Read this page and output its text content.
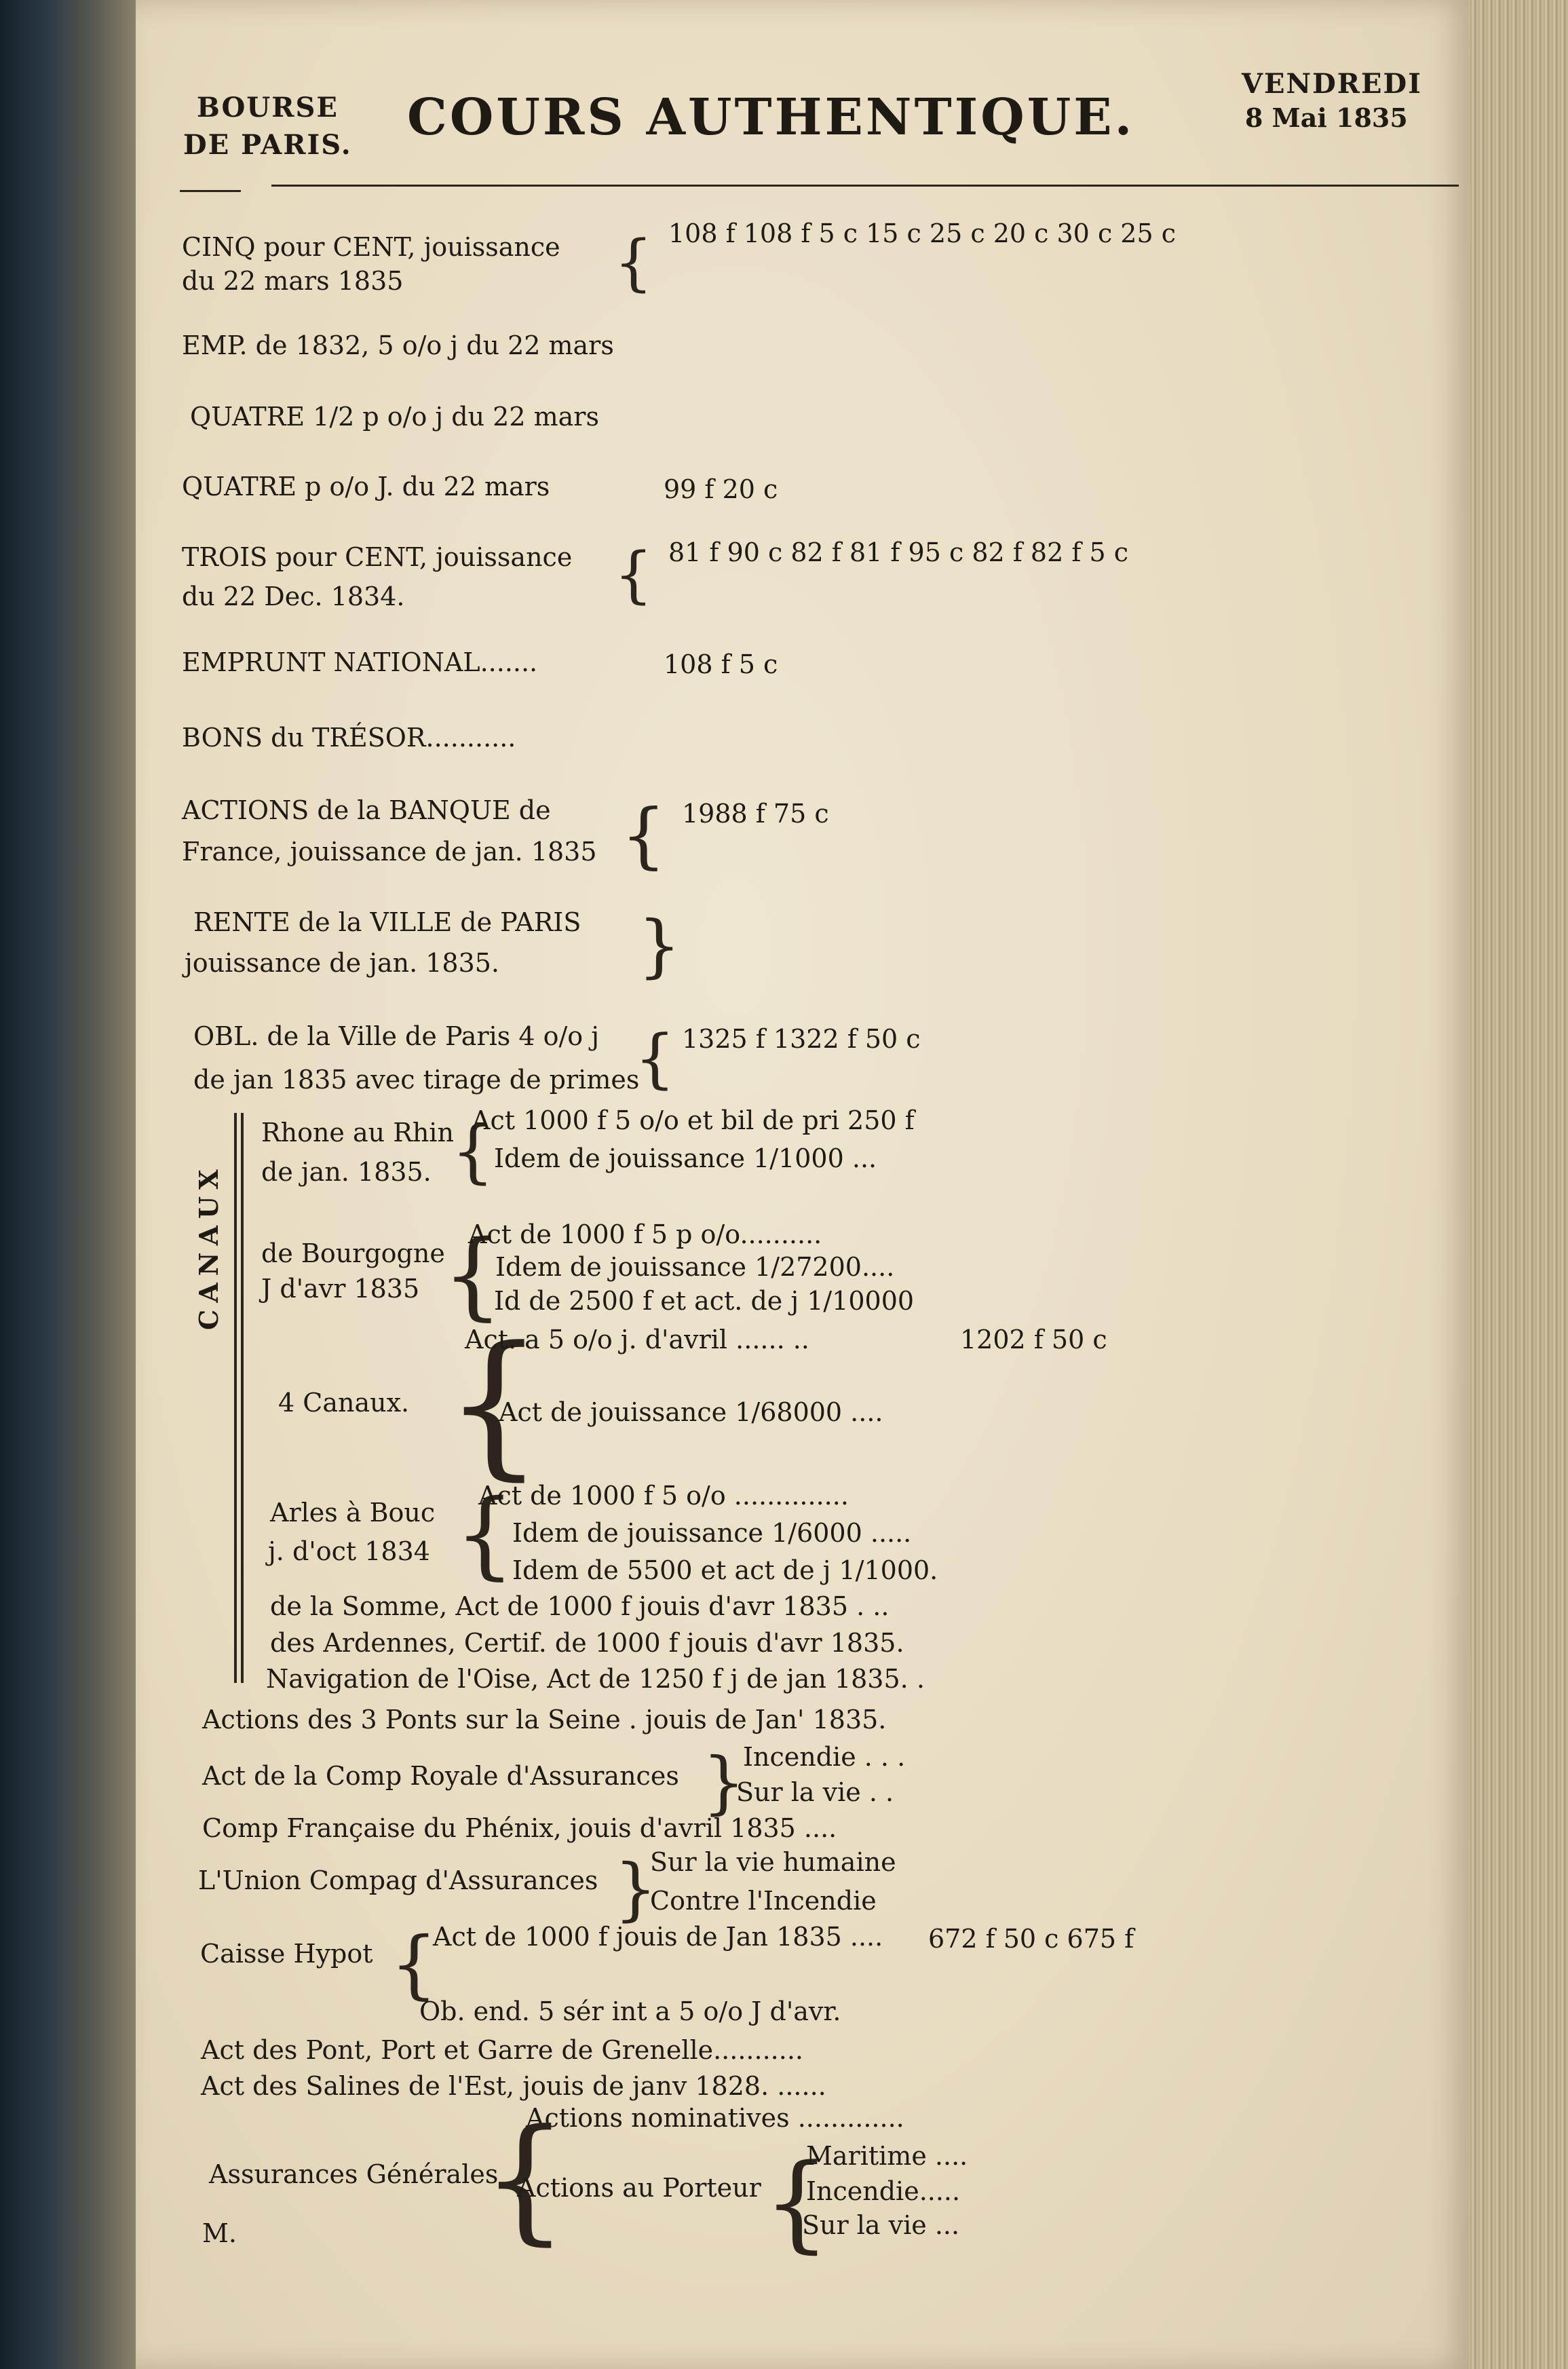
BOURSE
DE PARIS. COURS AUTHENTIQUE.
VENDREDI
8 Mai 1835
CINQ pour CENT, jouissance
du 22 mars 1835	{ 108 f 108 f 5 c 15 c 25 c 20 c 30 c 25 c
EMP. de 1832, 5 o/o j du 22 mars
QUATRE 1/2 p o/o j du 22 mars
QUATRE p o/o J. du 22 mars	99 f 20 c
TROIS pour CENT, jouissance
du 22 Dec. 1834.	{ 81 f 90 c 82 f 81 f 95 c 82 f 82 f 5 c
EMPRUNT NATIONAL.......	108 f 5 c
BONS du TRÉSOR...........
ACTIONS de la BANQUE de
France, jouissance de jan. 1835 { 1988 f 75 c
RENTE de la VILLE de PARIS
jouissance de jan. 1835. }
OBL. de la Ville de Paris 4 o/o j
de jan 1835 avec tirage de primes
{ 1325 f 1322 f 50 c
CANAUX
Rhone au Rhin
de jan. 1835. {
Act 1000 f 5 o/o et bil de pri 250 f
Idem de jouissance 1/1000 ...
de Bourgogne
J d'avr 1835 {
Act de 1000 f 5 p o/o..........
Idem de jouissance 1/27200....
Id de 2500 f et act. de j 1/10000
4 Canaux. {
Act. a 5 o/o j. d'avril ...... ..	1202 f 50 c
Act de jouissance 1/68000 ....
Arles à Bouc
j. d'oct 1834 {
Act de 1000 f 5 o/o ..............
Idem de jouissance 1/6000 .....
Idem de 5500 et act de j 1/1000.
de la Somme, Act de 1000 f jouis d'avr 1835 . ..
des Ardennes, Certif. de 1000 f jouis d'avr 1835.
Navigation de l'Oise, Act de 1250 f j de jan 1835. .
Actions des 3 Ponts sur la Seine . jouis de Jan' 1835.
Act de la Comp Royale d'Assurances }
Incendie . . .
Sur la vie . .
Comp Française du Phénix, jouis d'avril 1835 ....
L'Union Compag d'Assurances }
Sur la vie humaine
Contre l'Incendie
Caisse Hypot {
Act de 1000 f jouis de Jan 1835 .... 672 f 50 c 675 f
Ob. end. 5 sér int a 5 o/o J d'avr.
Act des Pont, Port et Garre de Grenelle...........
Act des Salines de l'Est, jouis de janv 1828. ......
Actions nominatives .............
Assurances Générales
{
Actions au Porteur {
Maritime ....
Incendie.....
Sur la vie ...
M.
